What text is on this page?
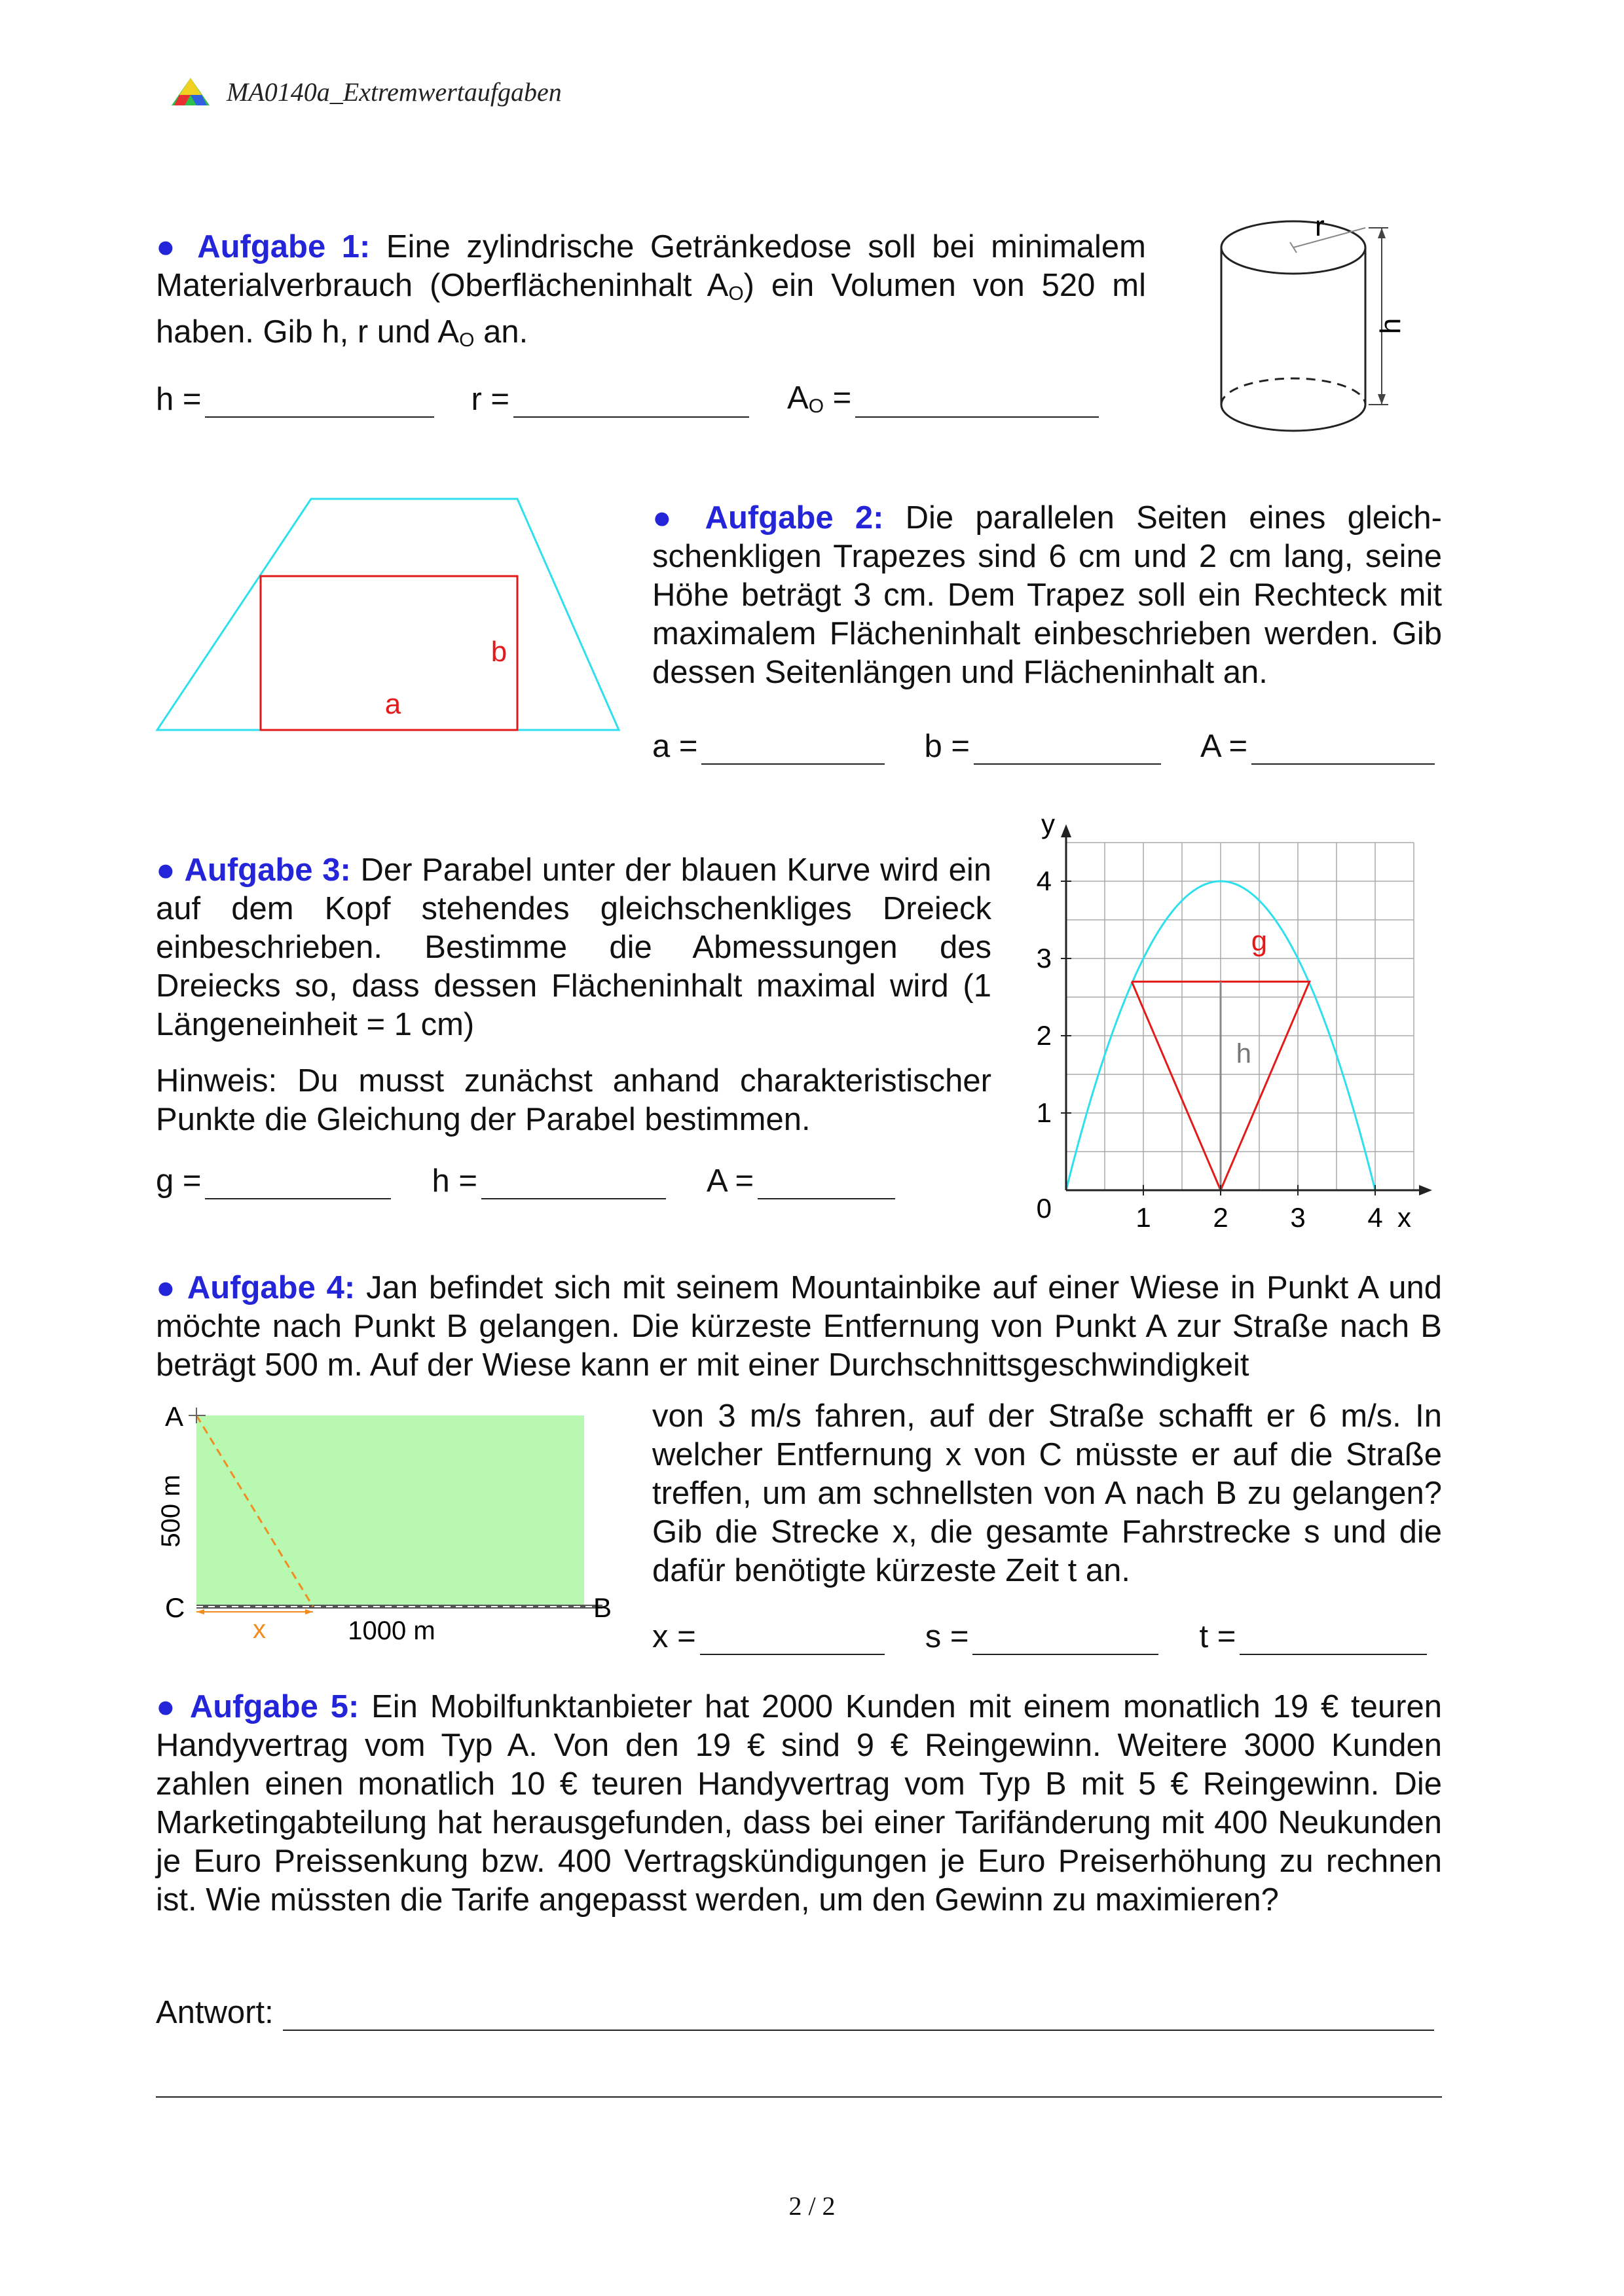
MA0140a_Extremwertaufgaben
● Aufgabe 1: Eine zylindrische Getränkedose soll bei minimalem Materialverbrauch (Oberflächeninhalt $A_O$) ein Volumen von 520 ml haben. Gib h, r und $A_O$ an.
h =	r =	$A_O$ =
r
h
a
b
● Aufgabe 2: Die parallelen Seiten eines gleichschenkligen Trapezes sind 6 cm und 2 cm lang, seine Höhe beträgt 3 cm. Dem Trapez soll ein Rechteck mit maximalem Flächeninhalt einbeschrieben werden. Gib dessen Seitenlängen und Flächeninhalt an.
a =	b =	A =
● Aufgabe 3: Der Parabel unter der blauen Kurve wird ein auf dem Kopf stehendes gleichschenkliges Dreieck einbeschrieben. Bestimme die Abmessungen des Dreiecks so, dass dessen Flächeninhalt maximal wird (1 Längeneinheit = 1 cm)
Hinweis: Du musst zunächst anhand charakteristischer Punkte die Gleichung der Parabel bestimmen.
g =	h =	A =
1 2 3 4
1
2
3
4
0	x
y
g
h
● Aufgabe 4: Jan befindet sich mit seinem Mountainbike auf einer Wiese in Punkt A und möchte nach Punkt B gelangen. Die kürzeste Entfernung von Punkt A zur Straße nach B beträgt 500 m. Auf der Wiese kann er mit einer Durchschnittsgeschwindigkeit
von 3 m/s fahren, auf der Straße schafft er 6 m/s. In welcher Entfernung x von C müsste er auf die Straße treffen, um am schnellsten von A nach B zu gelangen? Gib die Strecke x, die gesamte Fahrstrecke s und die dafür benötigte kürzeste Zeit t an.
x =	s =	t =
A
C	B
x	1000 m
500 m
● Aufgabe 5: Ein Mobilfunktanbieter hat 2000 Kunden mit einem monatlich 19 € teuren Handyvertrag vom Typ A. Von den 19 € sind 9 € Reingewinn. Weitere 3000 Kunden zahlen einen monatlich 10 € teuren Handyvertrag vom Typ B mit 5 € Reingewinn. Die Marketingabteilung hat herausgefunden, dass bei einer Tarifänderung mit 400 Neukunden je Euro Preissenkung bzw. 400 Vertragskündigungen je Euro Preiserhöhung zu rechnen ist. Wie müssten die Tarife angepasst werden, um den Gewinn zu maximieren?
Antwort:
2 / 2
